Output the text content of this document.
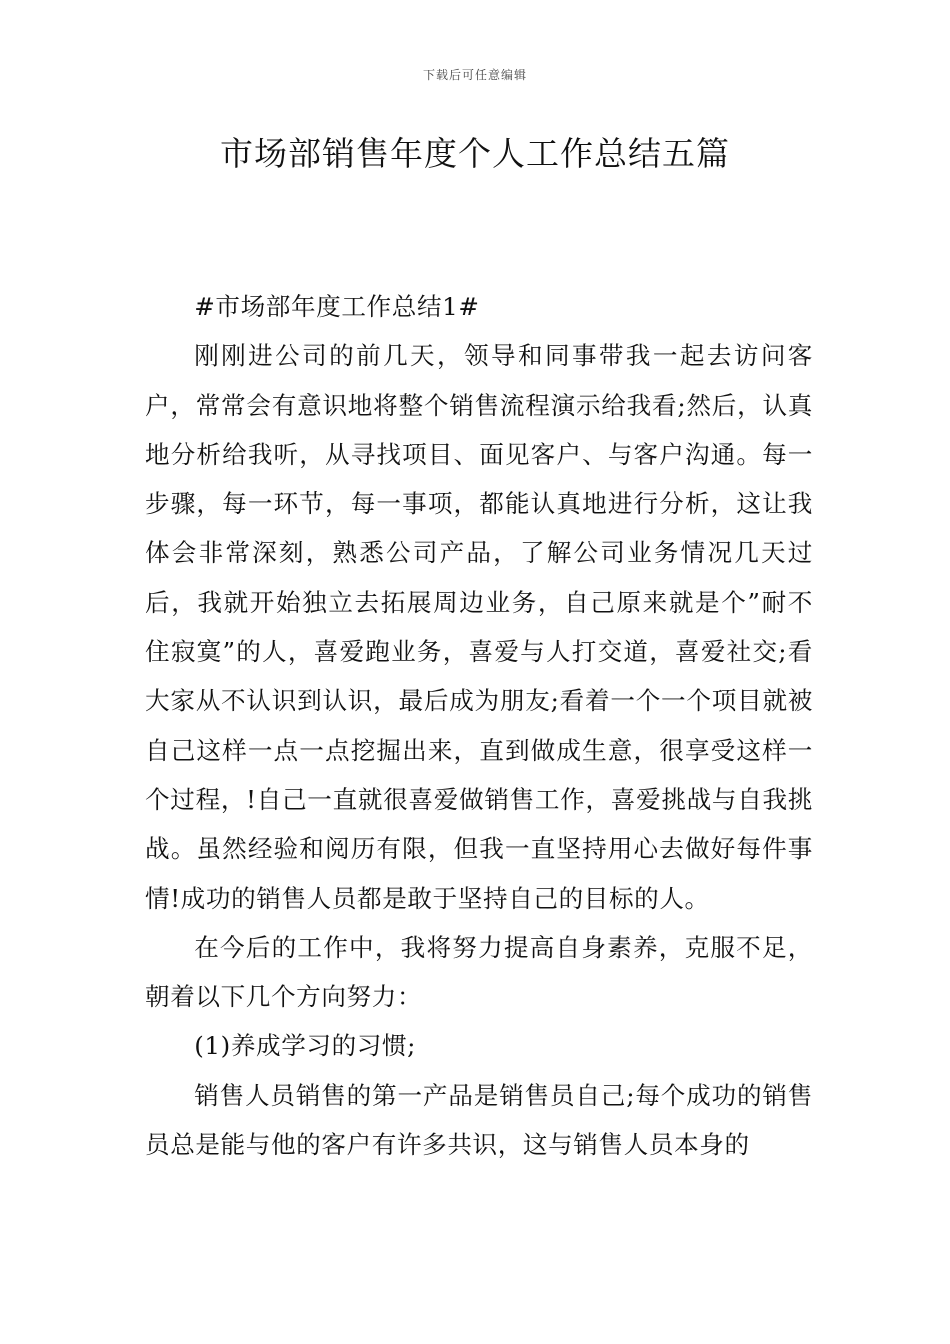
下载后可任意编辑
市场部销售年度个人工作总结五篇

#市场部年度工作总结1#

刚刚进公司的前几天，领导和同事带我一起去访问客户，常常会有意识地将整个销售流程演示给我看;然后，认真地分析给我听，从寻找项目、面见客户、与客户沟通。每一步骤，每一环节，每一事项，都能认真地进行分析，这让我体会非常深刻，熟悉公司产品，了解公司业务情况几天过后，我就开始独立去拓展周边业务，自己原来就是个”耐不住寂寞”的人，喜爱跑业务，喜爱与人打交道，喜爱社交;看大家从不认识到认识，最后成为朋友;看着一个一个项目就被自己这样一点一点挖掘出来，直到做成生意，很享受这样一个过程，!自己一直就很喜爱做销售工作，喜爱挑战与自我挑战。虽然经验和阅历有限，但我一直坚持用心去做好每件事情!成功的销售人员都是敢于坚持自己的目标的人。

在今后的工作中，我将努力提高自身素养，克服不足，朝着以下几个方向努力：

(1)养成学习的习惯;

销售人员销售的第一产品是销售员自己;每个成功的销售员总是能与他的客户有许多共识，这与销售人员本身的
